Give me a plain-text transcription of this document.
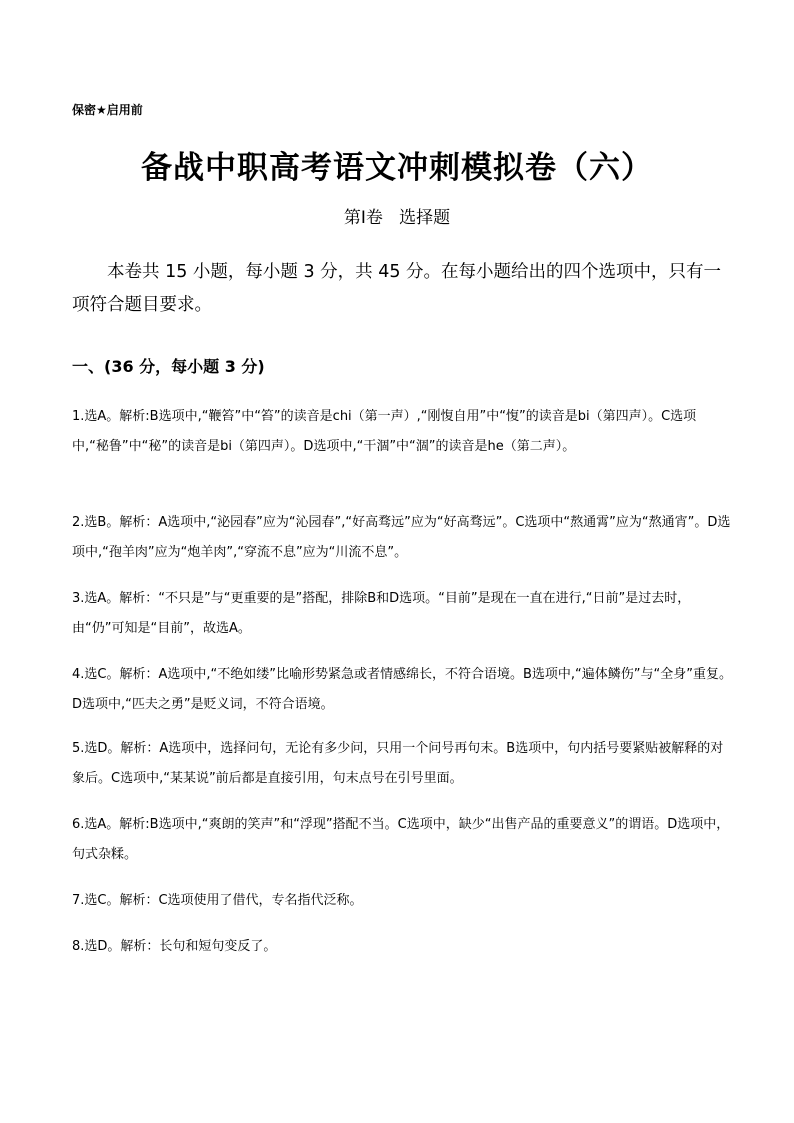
保密★启用前
备战中职高考语文冲刺模拟卷（六）
第Ⅰ卷   选择题
本卷共 15 小题，每小题 3 分，共 45 分。在每小题给出的四个选项中，只有一项符合题目要求。
一、(36 分，每小题 3 分)
1.选A。解析:B选项中,“鞭笞”中“笞”的读音是chi（第一声）,“刚愎自用”中“愎”的读音是bi（第四声）。C选项中,“秘鲁”中“秘”的读音是bi（第四声）。D选项中,“干涸”中“涸”的读音是he（第二声）。
2.选B。解析：A选项中,“泌园春”应为“沁园春”,“好高骛远”应为“好高骛远”。C选项中“熬通霄”应为“熬通宵”。D选项中,“孢羊肉”应为“炮羊肉”,“穿流不息”应为“川流不息”。
3.选A。解析：“不只是”与“更重要的是”搭配，排除B和D选项。“目前”是现在一直在进行,“日前”是过去时，由“仍”可知是“目前”，故选A。
4.选C。解析：A选项中,“不绝如缕”比喻形势紧急或者情感绵长，不符合语境。B选项中,“遍体鳞伤”与“全身”重复。D选项中,“匹夫之勇”是贬义词，不符合语境。
5.选D。解析：A选项中，选择问句，无论有多少问，只用一个问号再句末。B选项中，句内括号要紧贴被解释的对象后。C选项中,“某某说”前后都是直接引用，句末点号在引号里面。
6.选A。解析:B选项中,“爽朗的笑声”和“浮现”搭配不当。C选项中，缺少“出售产品的重要意义”的谓语。D选项中，句式杂糅。
7.选C。解析：C选项使用了借代，专名指代泛称。
8.选D。解析：长句和短句变反了。
